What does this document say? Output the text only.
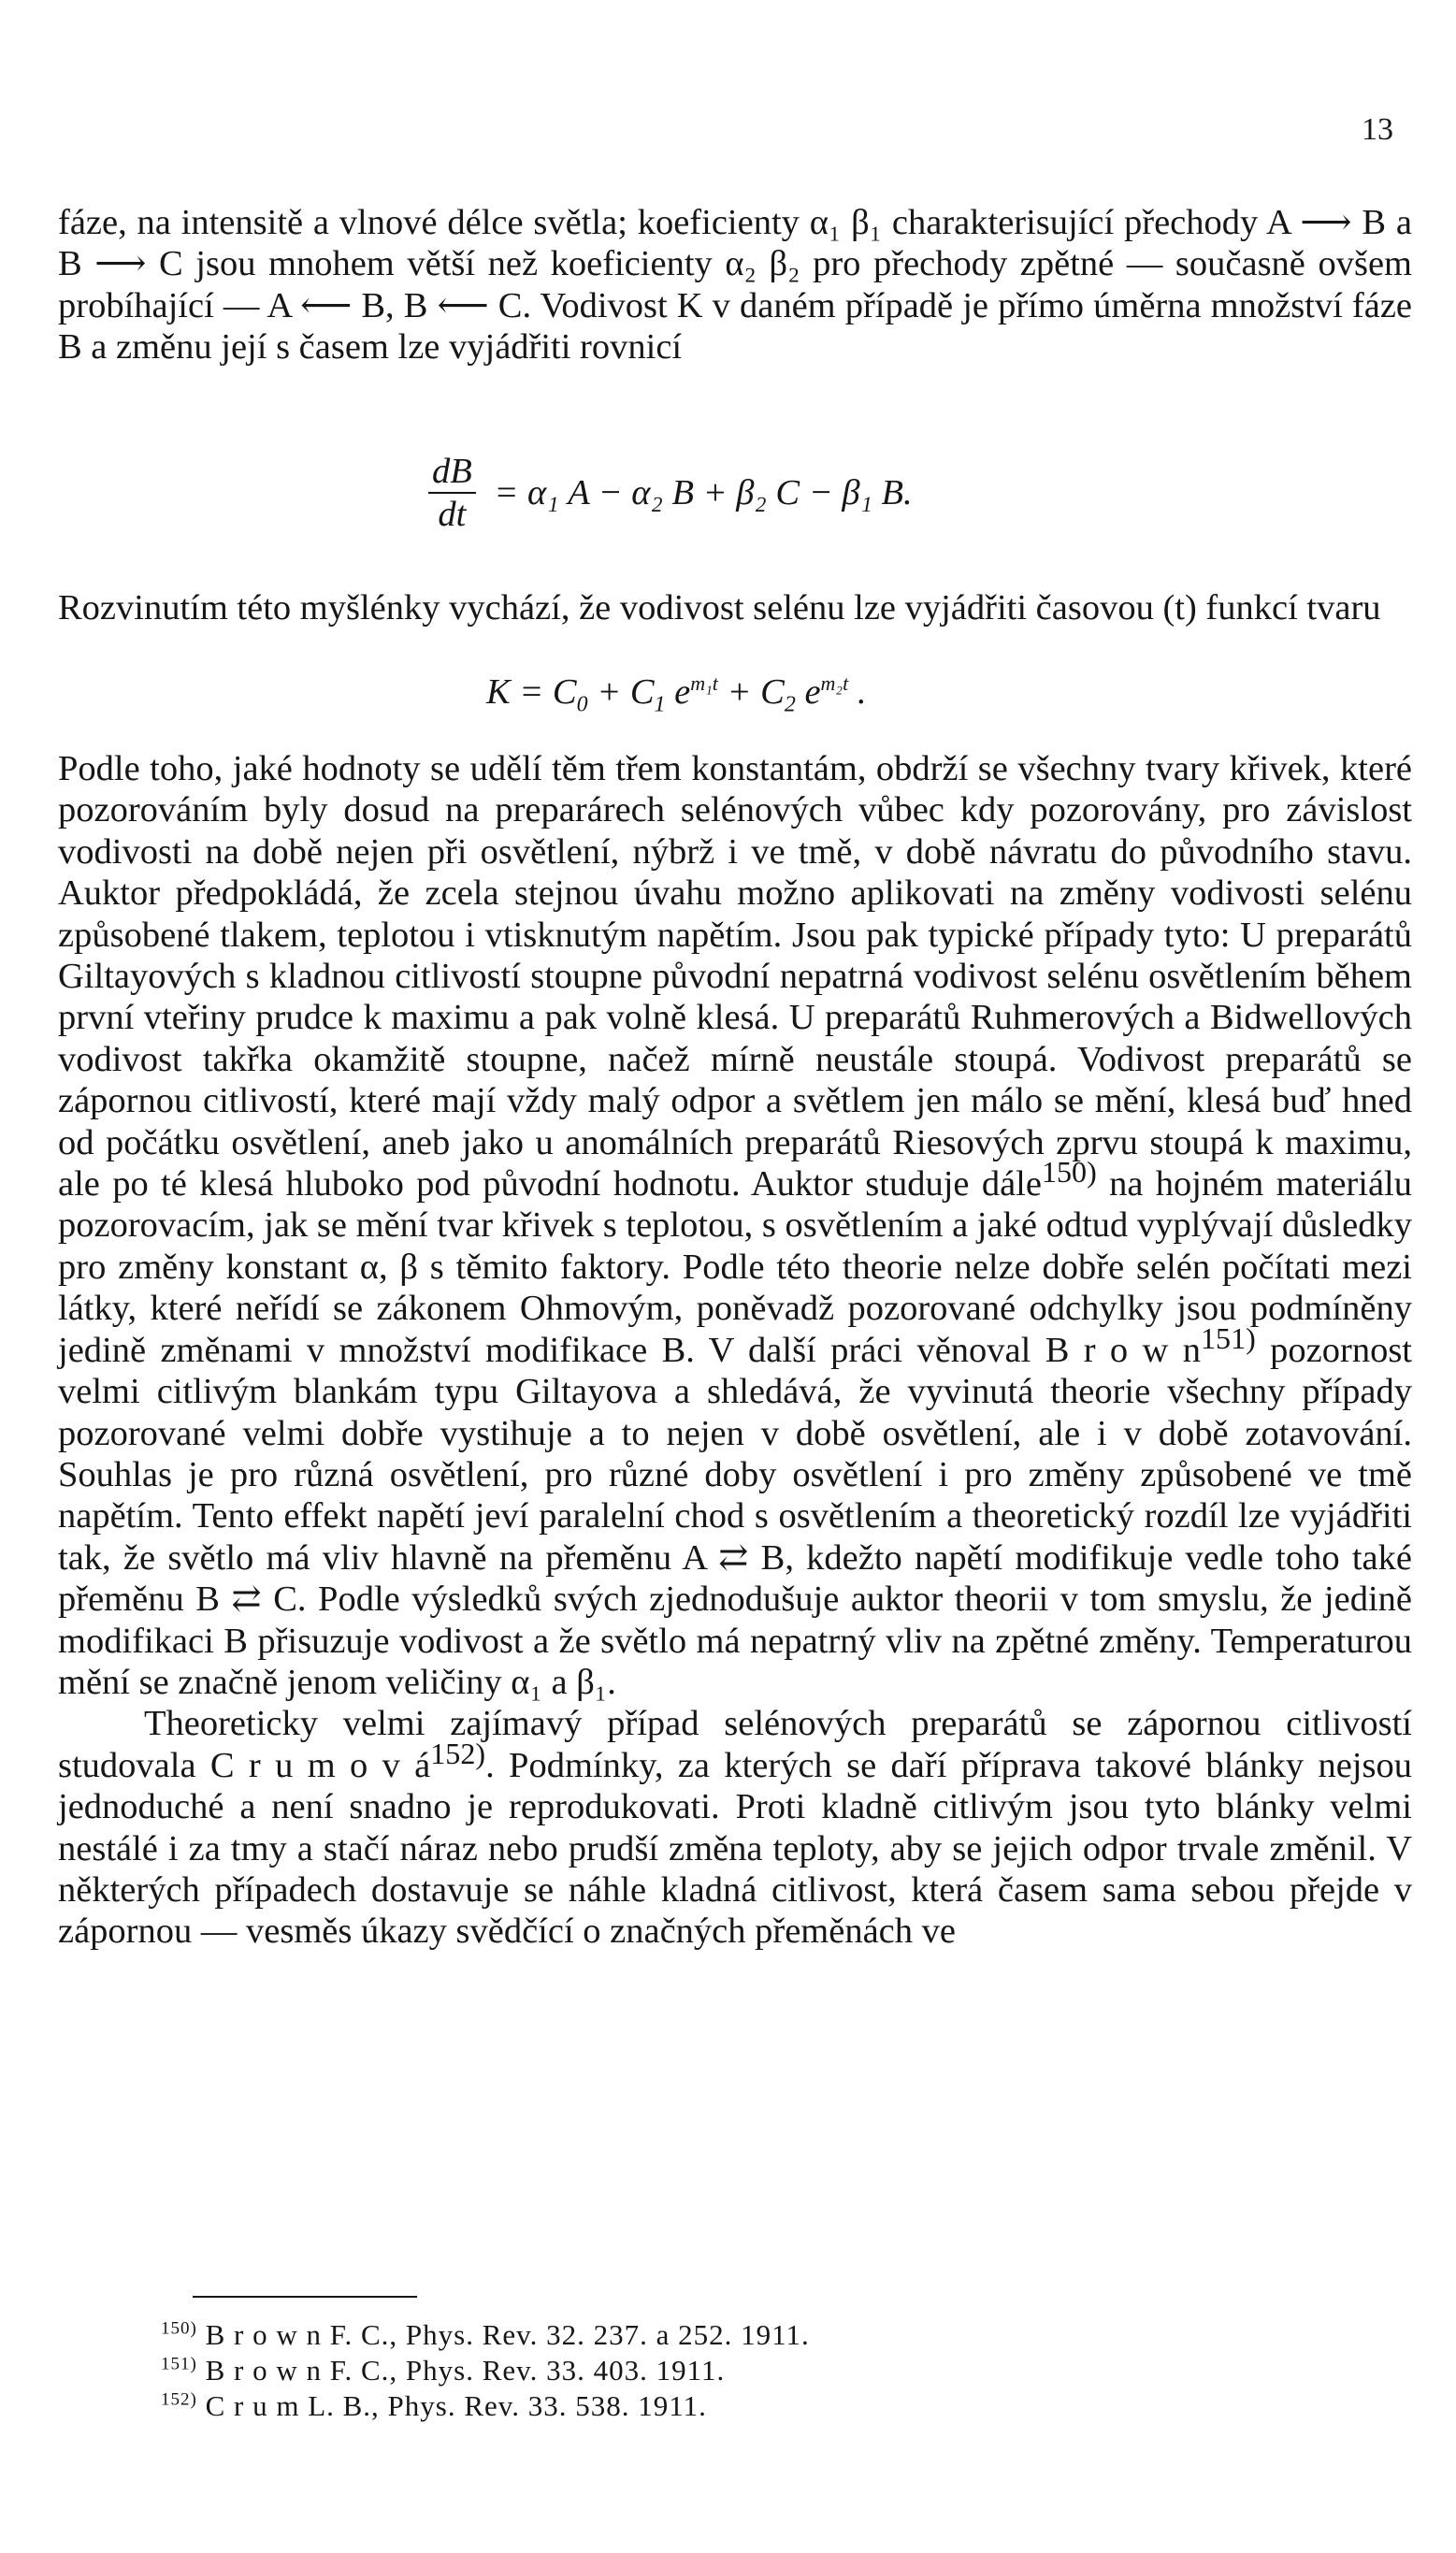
13

fáze, na intensitě a vlnové délce světla; koeficienty α₁ β₁ charakterisující přechody A ⟶ B a B ⟶ C jsou mnohem větší než koeficienty α₂ β₂ pro přechody zpětné — současně ovšem probíhající — A ⟵ B, B ⟵ C. Vodivost K v daném případě je přímo úměrna množství fáze B a změnu její s časem lze vyjádřiti rovnicí

$\frac{dB}{dt} = \alpha_1$ A − α₂ B + β₂ C − β₁ B.

Rozvinutím této myšlénky vychází, že vodivost selénu lze vyjádřiti časovou (t) funkcí tvaru

$K = C_0 + C_1$ $e^{m_1t} + C_2$ $e^{m_2t}$ .

Podle toho, jaké hodnoty se udělí těm třem konstantám, obdrží se všechny tvary křivek, které pozorováním byly dosud na preparárech selénových vůbec kdy pozorovány, pro závislost vodivosti na době nejen při osvětlení, nýbrž i ve tmě, v době návratu do původního stavu. Auktor předpokládá, že zcela stejnou úvahu možno aplikovati na změny vodivosti selénu způsobené tlakem, teplotou i vtisknutým napětím. Jsou pak typické případy tyto: U preparátů Giltayových s kladnou citlivostí stoupne původní nepatrná vodivost selénu osvětlením během první vteřiny prudce k maximu a pak volně klesá. U preparátů Ruhmerových a Bidwellových vodivost takřka okamžitě stoupne, načež mírně neustále stoupá. Vodivost preparátů se zápornou citlivostí, které mají vždy malý odpor a světlem jen málo se mění, klesá buď hned od počátku osvětlení, aneb jako u anomálních preparátů Riesových zprvu stoupá k maximu, ale po té klesá hluboko pod původní hodnotu. Auktor studuje dále$^{150)}$ na hojném materiálu pozorovacím, jak se mění tvar křivek s teplotou, s osvětlením a jaké odtud vyplývají důsledky pro změny konstant α, β s těmito faktory. Podle této theorie nelze dobře selén počítati mezi látky, které neřídí se zákonem Ohmovým, poněvadž pozorované odchylky jsou podmíněny jedině změnami v množství modifikace B. V další práci věnoval B r o w $n^{151)}$ pozornost velmi citlivým blankám typu Giltayova a shledává, že vyvinutá theorie všechny případy pozorované velmi dobře vystihuje a to nejen v době osvětlení, ale i v době zotavování. Souhlas je pro různá osvětlení, pro různé doby osvětlení i pro změny způsobené ve tmě napětím. Tento effekt napětí jeví paralelní chod s osvětlením a theoretický rozdíl lze vyjádřiti tak, že světlo má vliv hlavně na přeměnu A ⇄ B, kdežto napětí modifikuje vedle toho také přeměnu B ⇄ C. Podle výsledků svých zjednodušuje auktor theorii v tom smyslu, že jedině modifikaci B přisuzuje vodivost a že světlo má nepatrný vliv na zpětné změny. Temperaturou mění se značně jenom veličiny α₁ a β₁.

Theoreticky velmi zajímavý případ selénových preparátů se zápornou citlivostí studovala C r u m o v $á^{152)}$. Podmínky, za kterých se daří příprava takové blánky nejsou jednoduché a není snadno je reprodukovati. Proti kladně citlivým jsou tyto blánky velmi nestálé i za tmy a stačí náraz nebo prudší změna teploty, aby se jejich odpor trvale změnil. V některých případech dostavuje se náhle kladná citlivost, která časem sama sebou přejde v zápornou — vesměs úkazy svědčící o značných přeměnách ve

$^{150)}$ B r o w n F. C., Phys. Rev. 32. 237. a 252. 1911.
$^{151)}$ B r o w n F. C., Phys. Rev. 33. 403. 1911.
$^{152)}$ C r u m L. B., Phys. Rev. 33. 538. 1911.
